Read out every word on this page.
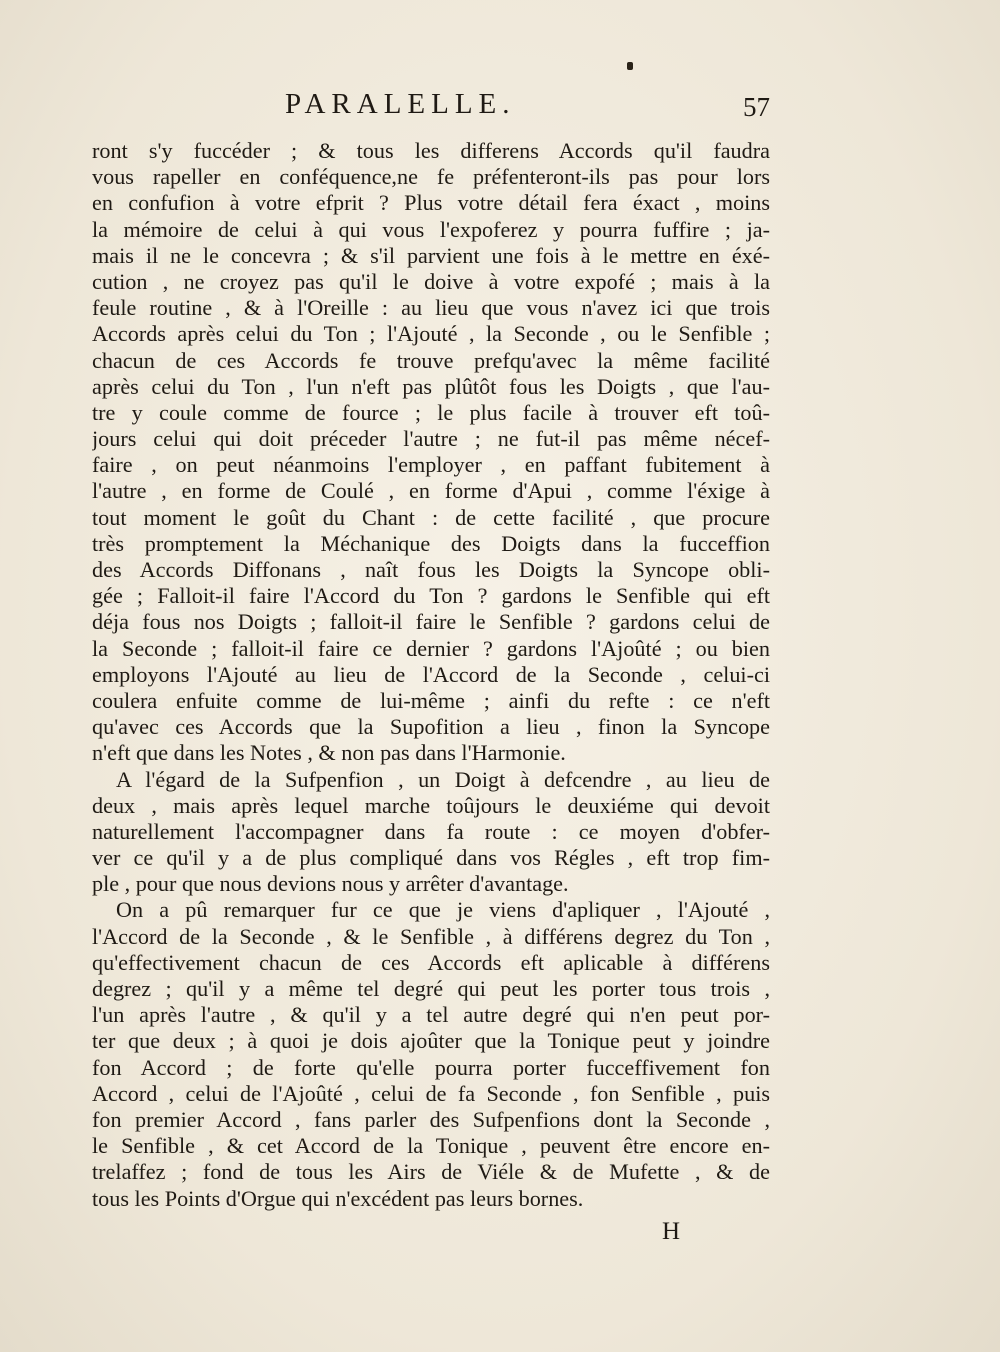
PARALELLE.	57
ront s'y fuccéder ; & tous les differens Accords qu'il faudra
vous rapeller en conféquence,ne fe préfenteront-ils pas pour lors
en confufion à votre efprit ? Plus votre détail fera éxact , moins
la mémoire de celui à qui vous l'expoferez y pourra fuffire ; ja-
mais il ne le concevra ; & s'il parvient une fois à le mettre en éxé-
cution , ne croyez pas qu'il le doive à votre expofé ; mais à la
feule routine , & à l'Oreille : au lieu que vous n'avez ici que trois
Accords après celui du Ton ; l'Ajouté , la Seconde , ou le Senfible ;
chacun de ces Accords fe trouve prefqu'avec la même facilité
après celui du Ton , l'un n'eft pas plûtôt fous les Doigts , que l'au-
tre y coule comme de fource ; le plus facile à trouver eft toû-
jours celui qui doit préceder l'autre ; ne fut-il pas même nécef-
faire , on peut néanmoins l'employer , en paffant fubitement à
l'autre , en forme de Coulé , en forme d'Apui , comme l'éxige à
tout moment le goût du Chant : de cette facilité , que procure
très promptement la Méchanique des Doigts dans la fucceffion
des Accords Diffonans , naît fous les Doigts la Syncope obli-
gée ; Falloit-il faire l'Accord du Ton ? gardons le Senfible qui eft
déja fous nos Doigts ; falloit-il faire le Senfible ? gardons celui de
la Seconde ; falloit-il faire ce dernier ? gardons l'Ajoûté ; ou bien
employons l'Ajouté au lieu de l'Accord de la Seconde , celui-ci
coulera enfuite comme de lui-même ; ainfi du refte : ce n'eft
qu'avec ces Accords que la Supofition a lieu , finon la Syncope
n'eft que dans les Notes , & non pas dans l'Harmonie.
A l'égard de la Sufpenfion , un Doigt à defcendre , au lieu de
deux , mais après lequel marche toûjours le deuxiéme qui devoit
naturellement l'accompagner dans fa route : ce moyen d'obfer-
ver ce qu'il y a de plus compliqué dans vos Régles , eft trop fim-
ple , pour que nous devions nous y arrêter d'avantage.
On a pû remarquer fur ce que je viens d'apliquer , l'Ajouté ,
l'Accord de la Seconde , & le Senfible , à différens degrez du Ton ,
qu'effectivement chacun de ces Accords eft aplicable à différens
degrez ; qu'il y a même tel degré qui peut les porter tous trois ,
l'un après l'autre , & qu'il y a tel autre degré qui n'en peut por-
ter que deux ; à quoi je dois ajoûter que la Tonique peut y joindre
fon Accord ; de forte qu'elle pourra porter fucceffivement fon
Accord , celui de l'Ajoûté , celui de fa Seconde , fon Senfible , puis
fon premier Accord , fans parler des Sufpenfions dont la Seconde ,
le Senfible , & cet Accord de la Tonique , peuvent être encore en-
trelaffez ; fond de tous les Airs de Viéle & de Mufette , & de
tous les Points d'Orgue qui n'excédent pas leurs bornes.
H
